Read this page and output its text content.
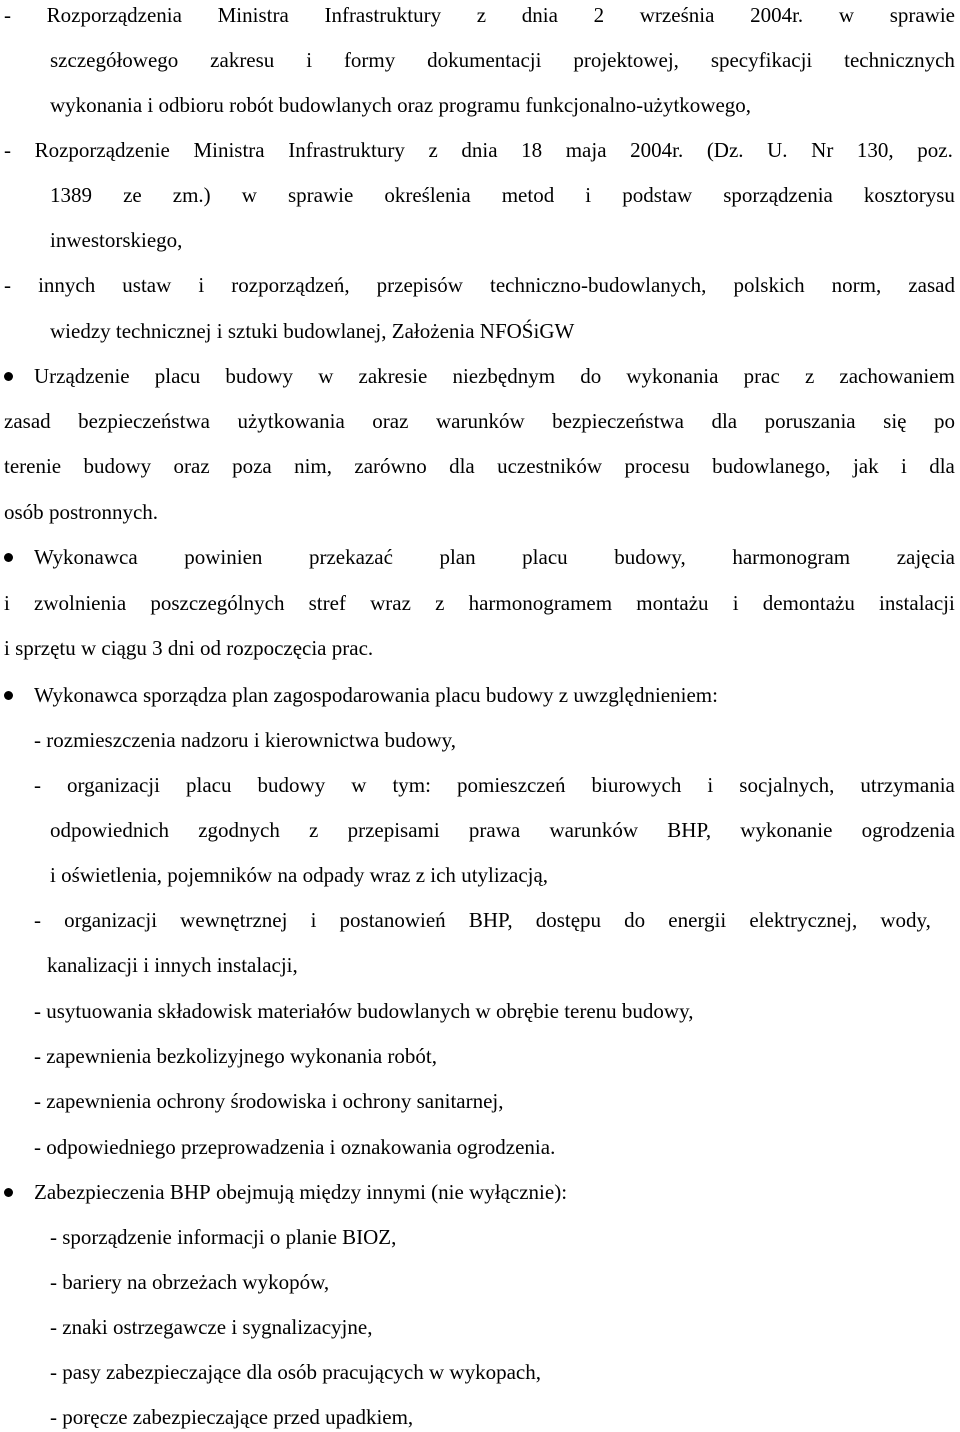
- Rozporządzenia Ministra Infrastruktury z dnia 2 września 2004r. w sprawie
szczegółowego zakresu i formy dokumentacji projektowej, specyfikacji technicznych
wykonania i odbioru robót budowlanych oraz programu funkcjonalno-użytkowego,
- Rozporządzenie Ministra Infrastruktury z dnia 18 maja 2004r. (Dz. U. Nr 130, poz.
1389 ze zm.) w sprawie określenia metod i podstaw sporządzenia kosztorysu
inwestorskiego,
- innych ustaw i rozporządzeń, przepisów techniczno-budowlanych, polskich norm, zasad
wiedzy technicznej i sztuki budowlanej, Założenia NFOŚiGW
Urządzenie placu budowy w zakresie niezbędnym do wykonania prac z zachowaniem
zasad bezpieczeństwa użytkowania oraz warunków bezpieczeństwa dla poruszania się po
terenie budowy oraz poza nim, zarówno dla uczestników procesu budowlanego, jak i dla
osób postronnych.
Wykonawca powinien przekazać plan placu budowy, harmonogram zajęcia
i zwolnienia poszczególnych stref wraz z harmonogramem montażu i demontażu instalacji
i sprzętu w ciągu 3 dni od rozpoczęcia prac.
Wykonawca sporządza plan zagospodarowania placu budowy z uwzględnieniem:
- rozmieszczenia nadzoru i kierownictwa budowy,
- organizacji placu budowy w tym: pomieszczeń biurowych i socjalnych, utrzymania
odpowiednich zgodnych z przepisami prawa warunków BHP, wykonanie ogrodzenia
i oświetlenia, pojemników na odpady wraz z ich utylizacją,
- organizacji wewnętrznej i postanowień BHP, dostępu do energii elektrycznej, wody,
kanalizacji i innych instalacji,
- usytuowania składowisk materiałów budowlanych w obrębie terenu budowy,
- zapewnienia bezkolizyjnego wykonania robót,
- zapewnienia ochrony środowiska i ochrony sanitarnej,
- odpowiedniego przeprowadzenia i oznakowania ogrodzenia.
Zabezpieczenia BHP obejmują między innymi (nie wyłącznie):
- sporządzenie informacji o planie BIOZ,
- bariery na obrzeżach wykopów,
- znaki ostrzegawcze i sygnalizacyjne,
- pasy zabezpieczające dla osób pracujących w wykopach,
- poręcze zabezpieczające przed upadkiem,
